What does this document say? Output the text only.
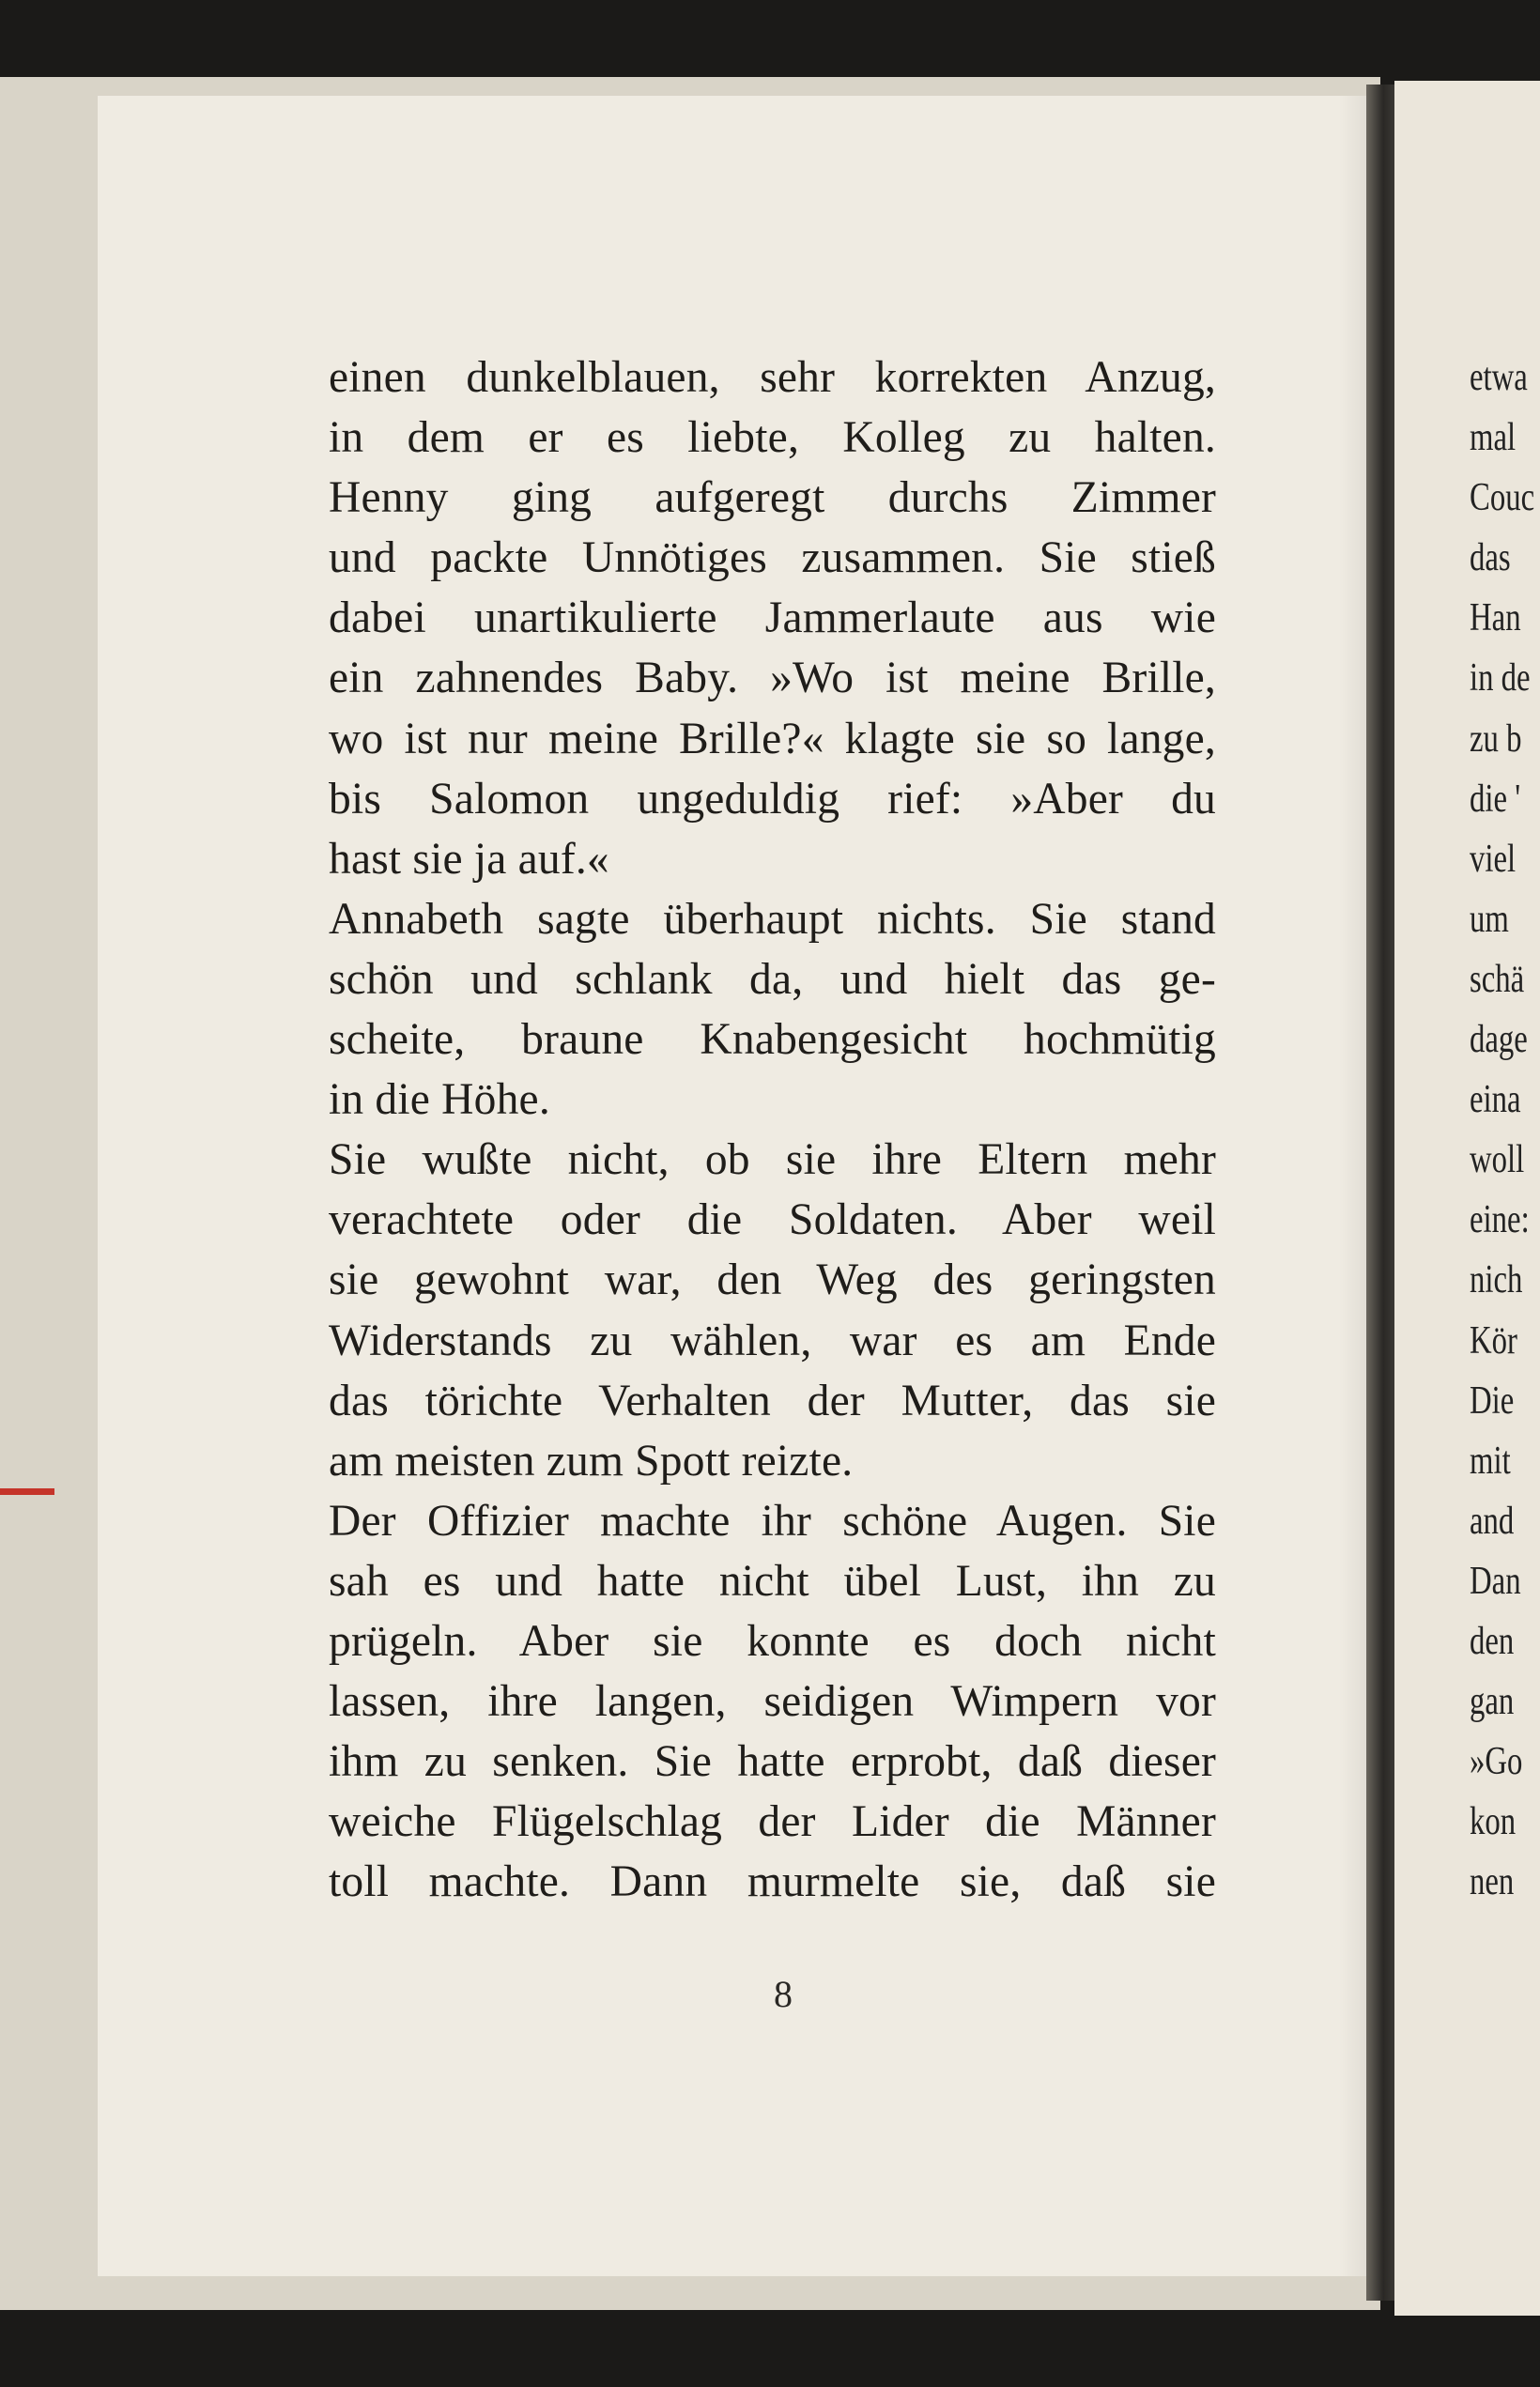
einen dunkelblauen, sehr korrekten Anzug,
in dem er es liebte, Kolleg zu halten.
Henny ging aufgeregt durchs Zimmer
und packte Unnötiges zusammen. Sie stieß
dabei unartikulierte Jammerlaute aus wie
ein zahnendes Baby. »Wo ist meine Brille,
wo ist nur meine Brille?« klagte sie so lange,
bis Salomon ungeduldig rief: »Aber du
hast sie ja auf.«
Annabeth sagte überhaupt nichts. Sie stand
schön und schlank da, und hielt das ge-
scheite, braune Knabengesicht hochmütig
in die Höhe.
Sie wußte nicht, ob sie ihre Eltern mehr
verachtete oder die Soldaten. Aber weil
sie gewohnt war, den Weg des geringsten
Widerstands zu wählen, war es am Ende
das törichte Verhalten der Mutter, das sie
am meisten zum Spott reizte.
Der Offizier machte ihr schöne Augen. Sie
sah es und hatte nicht übel Lust, ihn zu
prügeln. Aber sie konnte es doch nicht
lassen, ihre langen, seidigen Wimpern vor
ihm zu senken. Sie hatte erprobt, daß dieser
weiche Flügelschlag der Lider die Männer
toll machte. Dann murmelte sie, daß sie
8
etwa
mal
Couc
das
Han
in de
zu b
die '
viel
um
schä
dage
eina
woll
eine:
nich
Kör
Die
mit
and
Dan
den
gan
»Go
kon
nen
